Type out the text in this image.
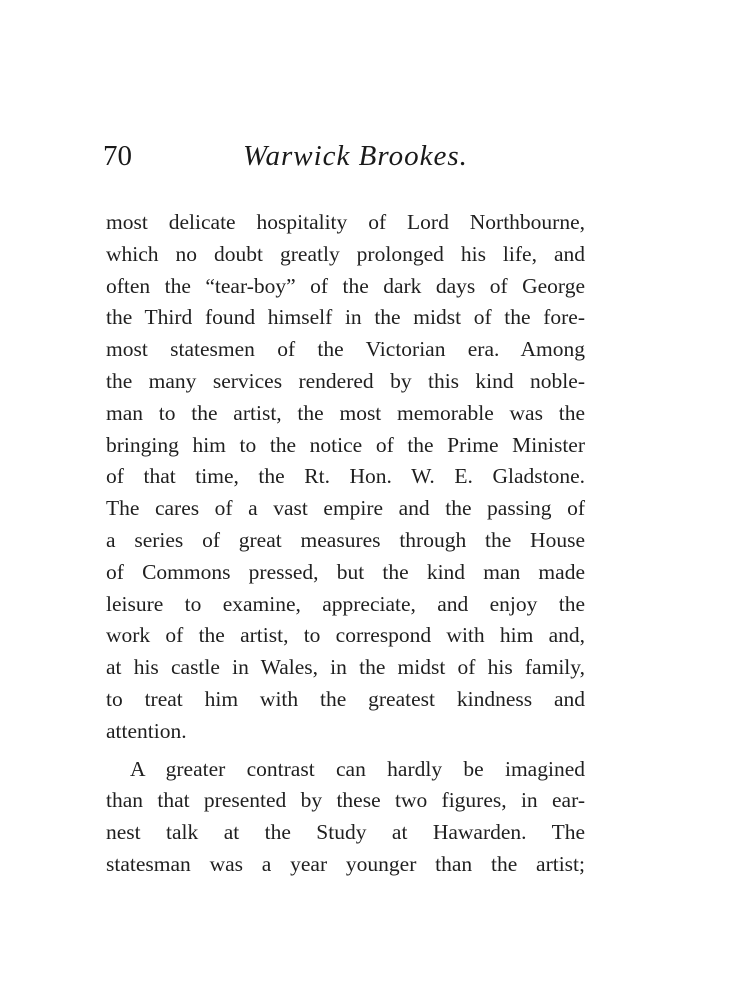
70	Warwick Brookes.
most delicate hospitality of Lord Northbourne,
which no doubt greatly prolonged his life, and
often the “tear-boy” of the dark days of George
the Third found himself in the midst of the fore-
most statesmen of the Victorian era. Among
the many services rendered by this kind noble-
man to the artist, the most memorable was the
bringing him to the notice of the Prime Minister
of that time, the Rt. Hon. W. E. Gladstone.
The cares of a vast empire and the passing of
a series of great measures through the House
of Commons pressed, but the kind man made
leisure to examine, appreciate, and enjoy the
work of the artist, to correspond with him and,
at his castle in Wales, in the midst of his family,
to treat him with the greatest kindness and
attention.
A greater contrast can hardly be imagined
than that presented by these two figures, in ear-
nest talk at the Study at Hawarden. The
statesman was a year younger than the artist;
